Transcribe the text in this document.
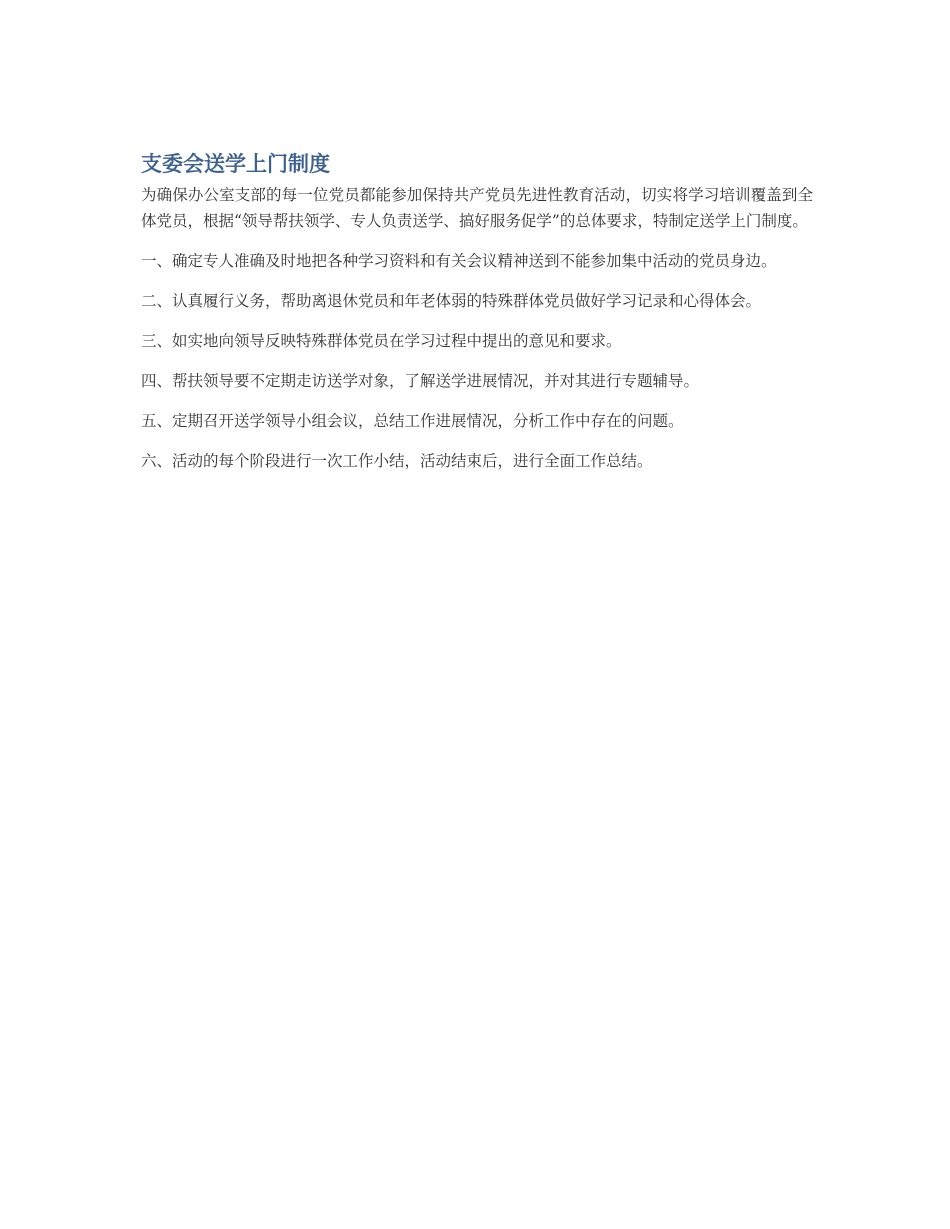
支委会送学上门制度

为确保办公室支部的每一位党员都能参加保持共产党员先进性教育活动，切实将学习培训覆盖到全体党员，根据“领导帮扶领学、专人负责送学、搞好服务促学”的总体要求，特制定送学上门制度。

一、确定专人准确及时地把各种学习资料和有关会议精神送到不能参加集中活动的党员身边。

二、认真履行义务，帮助离退休党员和年老体弱的特殊群体党员做好学习记录和心得体会。

三、如实地向领导反映特殊群体党员在学习过程中提出的意见和要求。

四、帮扶领导要不定期走访送学对象，了解送学进展情况，并对其进行专题辅导。

五、定期召开送学领导小组会议，总结工作进展情况，分析工作中存在的问题。

六、活动的每个阶段进行一次工作小结，活动结束后，进行全面工作总结。
